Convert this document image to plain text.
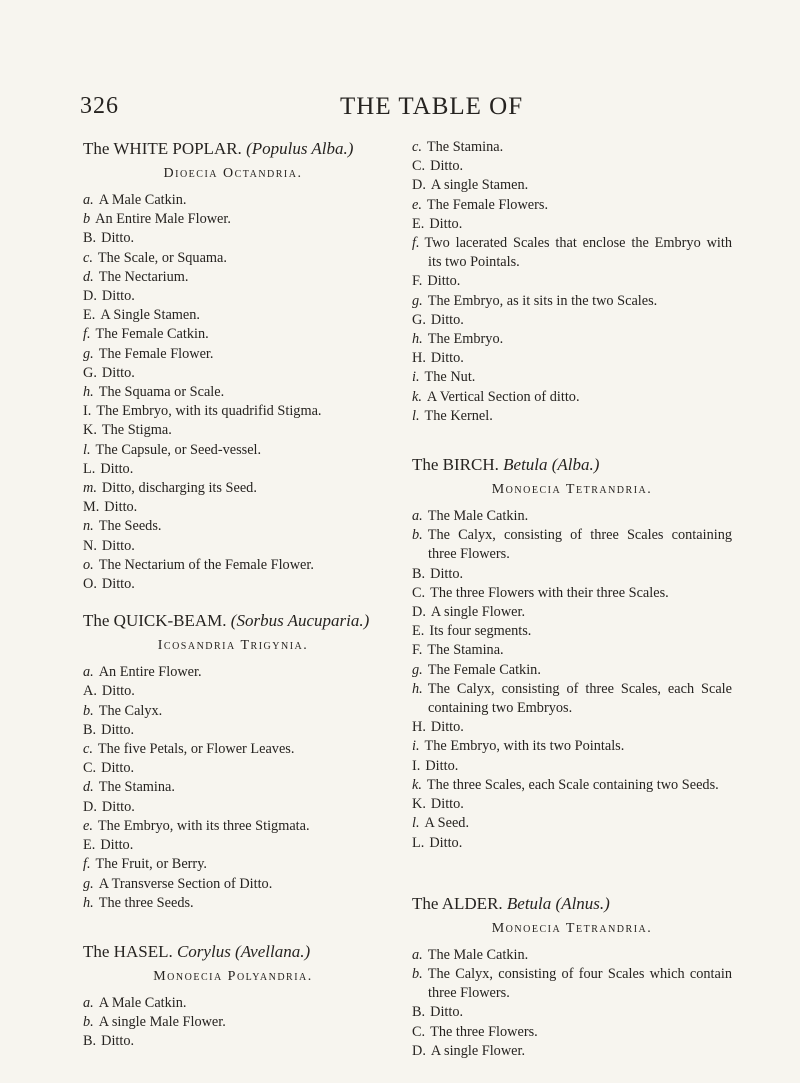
326	THE TABLE OF
The WHITE POPLAR. (Populus Alba.)
Dioecia Octandria.
a. A Male Catkin.
b An Entire Male Flower.
B. Ditto.
c. The Scale, or Squama.
d. The Nectarium.
D. Ditto.
E. A Single Stamen.
f. The Female Catkin.
g. The Female Flower.
G. Ditto.
h. The Squama or Scale.
I. The Embryo, with its quadrifid Stigma.
K. The Stigma.
l. The Capsule, or Seed-vessel.
L. Ditto.
m. Ditto, discharging its Seed.
M. Ditto.
n. The Seeds.
N. Ditto.
o. The Nectarium of the Female Flower.
O. Ditto.
The QUICK-BEAM. (Sorbus Aucuparia.)
Icosandria Trigynia.
a. An Entire Flower.
A. Ditto.
b. The Calyx.
B. Ditto.
c. The five Petals, or Flower Leaves.
C. Ditto.
d. The Stamina.
D. Ditto.
e. The Embryo, with its three Stigmata.
E. Ditto.
f. The Fruit, or Berry.
g. A Transverse Section of Ditto.
h. The three Seeds.
The HASEL. Corylus (Avellana.)
Monoecia Polyandria.
a. A Male Catkin.
b. A single Male Flower.
B. Ditto.
c. The Stamina.
C. Ditto.
D. A single Stamen.
e. The Female Flowers.
E. Ditto.
f. Two lacerated Scales that enclose the Embryo with its two Pointals.
F. Ditto.
g. The Embryo, as it sits in the two Scales.
G. Ditto.
h. The Embryo.
H. Ditto.
i. The Nut.
k. A Vertical Section of ditto.
l. The Kernel.
The BIRCH. Betula (Alba.)
Monoecia Tetrandria.
a. The Male Catkin.
b. The Calyx, consisting of three Scales containing three Flowers.
B. Ditto.
C. The three Flowers with their three Scales.
D. A single Flower.
E. Its four segments.
F. The Stamina.
g. The Female Catkin.
h. The Calyx, consisting of three Scales, each Scale containing two Embryos.
H. Ditto.
i. The Embryo, with its two Pointals.
I. Ditto.
k. The three Scales, each Scale containing two Seeds.
K. Ditto.
l. A Seed.
L. Ditto.
The ALDER. Betula (Alnus.)
Monoecia Tetrandria.
a. The Male Catkin.
b. The Calyx, consisting of four Scales which contain three Flowers.
B. Ditto.
C. The three Flowers.
D. A single Flower.
